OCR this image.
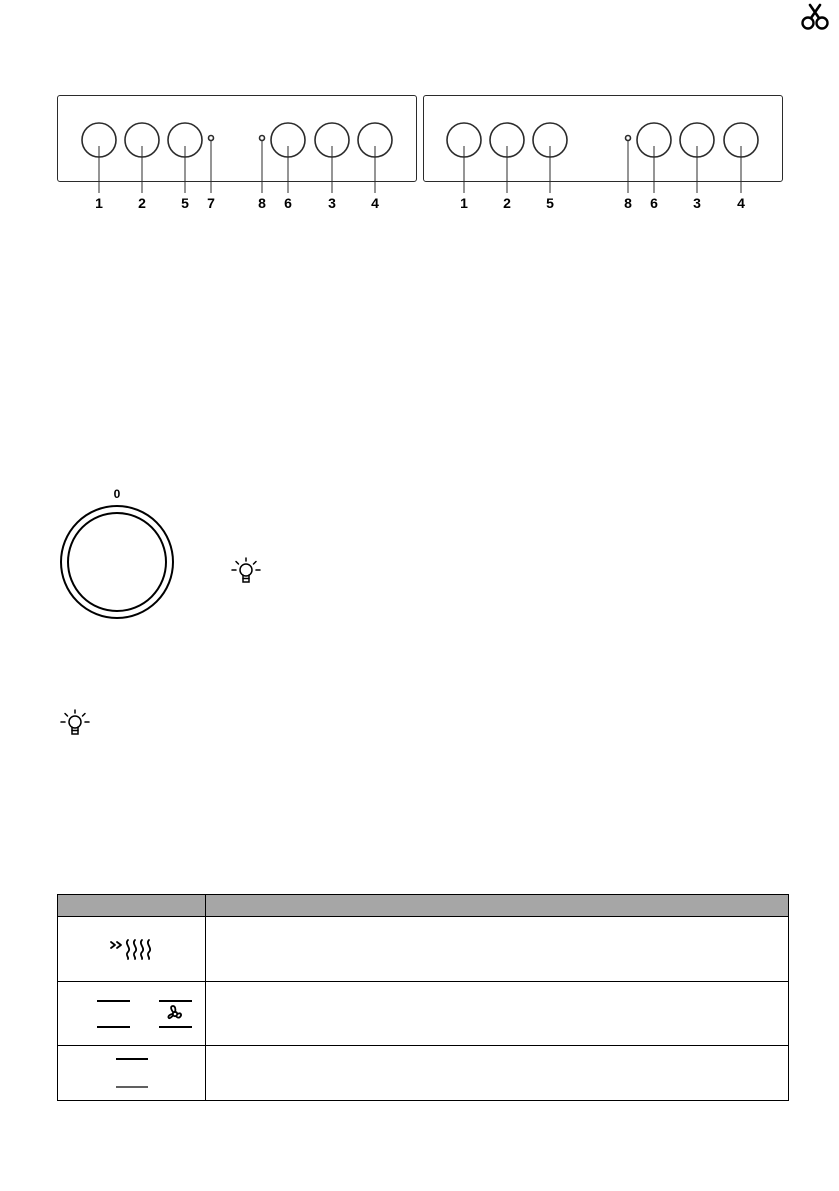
1	2	5	7	8	6	3	4	1	2	5	8	6	3	4
0
